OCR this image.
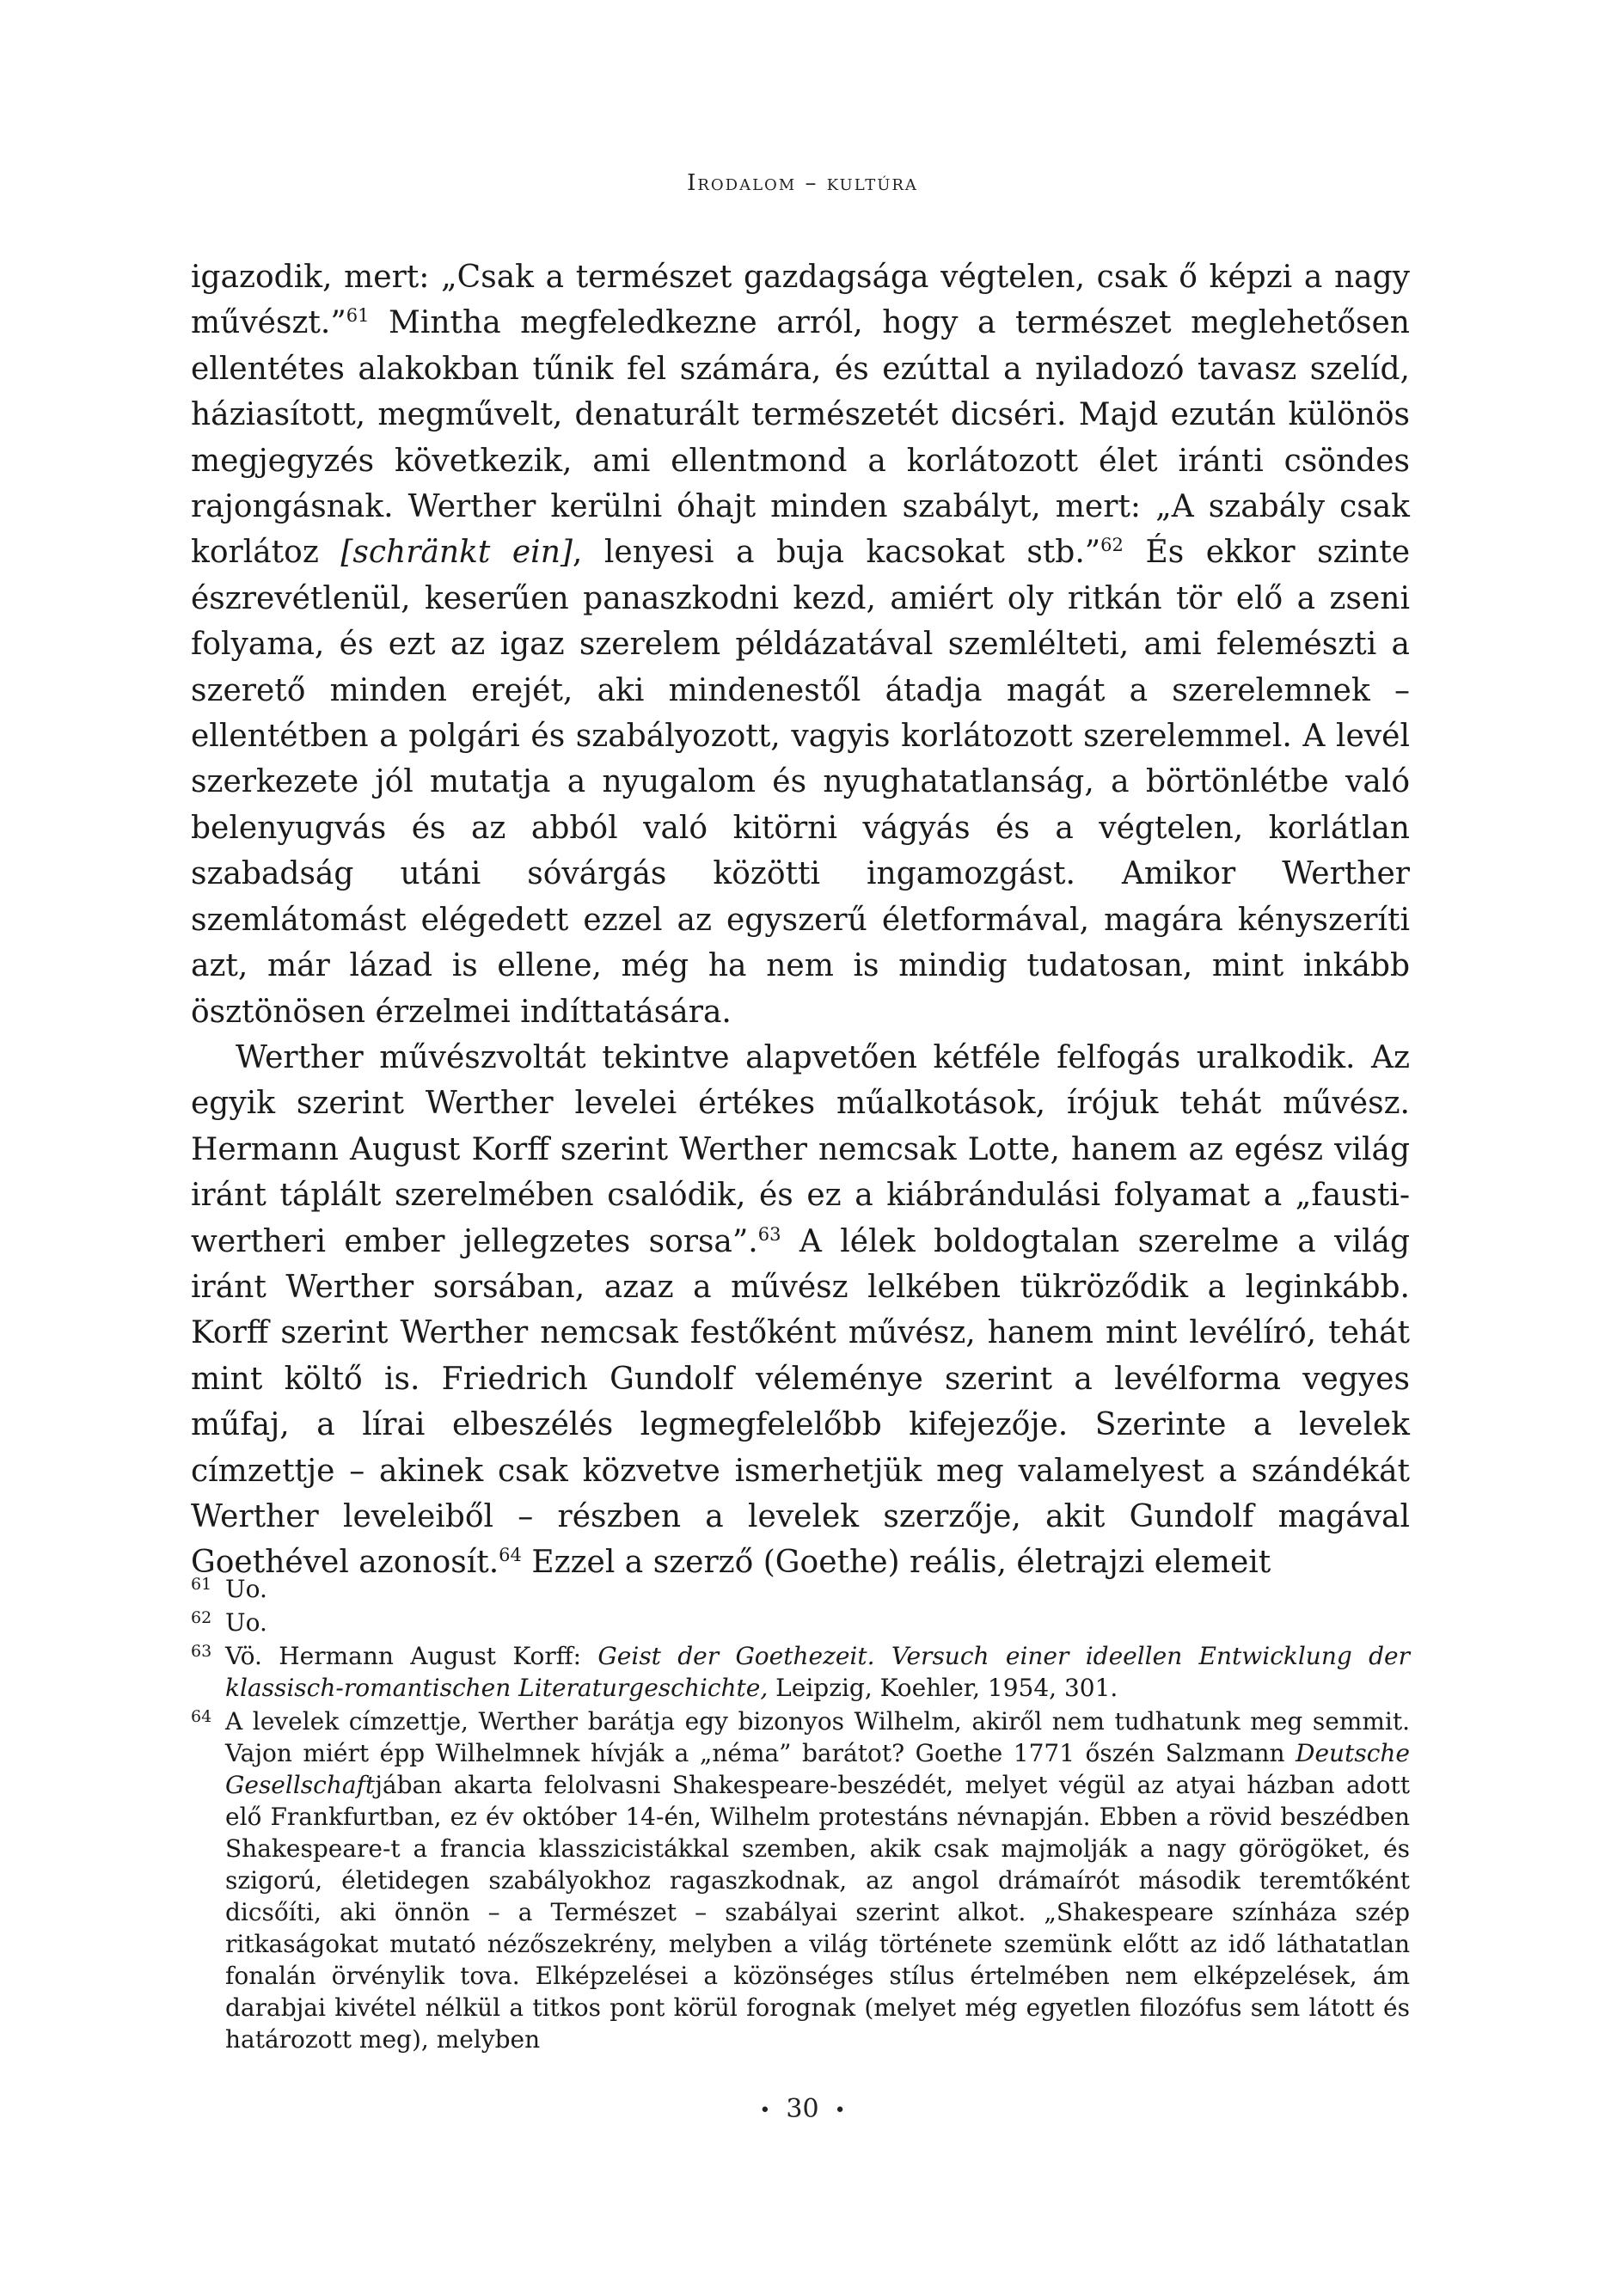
Irodalom – kultúra

igazodik, mert: „Csak a természet gazdagsága végtelen, csak ő képzi a nagy művészt.”$^{61}$ Mintha megfeledkezne arról, hogy a természet meglehetősen ellentétes alakokban tűnik fel számára, és ezúttal a nyiladozó tavasz szelíd, háziasított, megművelt, denaturált természetét dicséri. Majd ezután különös megjegyzés következik, ami ellentmond a korlátozott élet iránti csöndes rajongásnak. Werther kerülni óhajt minden szabályt, mert: „A szabály csak korlátoz [schränkt ein], lenyesi a buja kacsokat stb.”$^{62}$ És ekkor szinte észrevétlenül, keserűen panaszkodni kezd, amiért oly ritkán tör elő a zseni folyama, és ezt az igaz szerelem példázatával szemlélteti, ami felemészti a szerető minden erejét, aki mindenestől átadja magát a szerelemnek – ellentétben a polgári és szabályozott, vagyis korlátozott szerelemmel. A levél szerkezete jól mutatja a nyugalom és nyughatatlanság, a börtönlétbe való belenyugvás és az abból való kitörni vágyás és a végtelen, korlátlan szabadság utáni sóvárgás közötti ingamozgást. Amikor Werther szemlátomást elégedett ezzel az egyszerű életformával, magára kényszeríti azt, már lázad is ellene, még ha nem is mindig tudatosan, mint inkább ösztönösen érzelmei indíttatására.

Werther művészvoltát tekintve alapvetően kétféle felfogás uralkodik. Az egyik szerint Werther levelei értékes műalkotások, írójuk tehát művész. Hermann August Korff szerint Werther nemcsak Lotte, hanem az egész világ iránt táplált szerelmében csalódik, és ez a kiábrándulási folyamat a „fausti-wertheri ember jellegzetes sorsa”.$^{63}$ A lélek boldogtalan szerelme a világ iránt Werther sorsában, azaz a művész lelkében tükröződik a leginkább. Korff szerint Werther nemcsak festőként művész, hanem mint levélíró, tehát mint költő is. Friedrich Gundolf véleménye szerint a levélforma vegyes műfaj, a lírai elbeszélés legmegfelelőbb kifejezője. Szerinte a levelek címzettje – akinek csak közvetve ismerhetjük meg valamelyest a szándékát Werther leveleiből – részben a levelek szerzője, akit Gundolf magával Goethével azonosít.$^{64}$ Ezzel a szerző (Goethe) reális, életrajzi elemeit

61 Uo.
62 Uo.
63 Vö. Hermann August Korff: Geist der Goethezeit. Versuch einer ideellen Entwicklung der klassisch-romantischen Literaturgeschichte, Leipzig, Koehler, 1954, 301.
64 A levelek címzettje, Werther barátja egy bizonyos Wilhelm, akiről nem tudhatunk meg semmit. Vajon miért épp Wilhelmnek hívják a „néma” barátot? Goethe 1771 őszén Salzmann Deutsche Gesellschaftjában akarta felolvasni Shakespeare-beszédét, melyet végül az atyai házban adott elő Frankfurtban, ez év október 14-én, Wilhelm protestáns névnapján. Ebben a rövid beszédben Shakespeare-t a francia klasszicistákkal szemben, akik csak majmolják a nagy görögöket, és szigorú, életidegen szabályokhoz ragaszkodnak, az angol drámaírót második teremtőként dicsőíti, aki önnön – a Természet – szabályai szerint alkot. „Shakespeare színháza szép ritkaságokat mutató nézőszekrény, melyben a világ története szemünk előtt az idő láthatatlan fonalán örvénylik tova. Elképzelései a közönséges stílus értelmében nem elképzelések, ám darabjai kivétel nélkül a titkos pont körül forognak (melyet még egyetlen filozófus sem látott és határozott meg), melyben
• 30 •
